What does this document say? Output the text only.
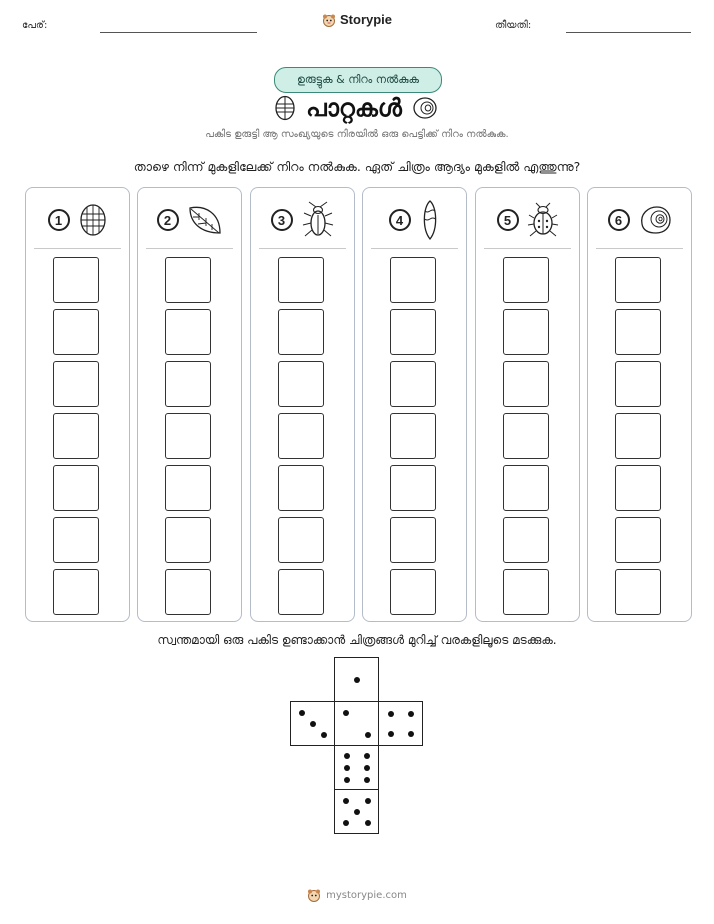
പേര്:	Storypie	തീയതി:
ഉരുട്ടുക & നിറം നൽകുക
പാറ്റകൾ
പകിട ഉരുട്ടി ആ സംഖ്യയുടെ നിരയിൽ ഒരു പെട്ടിക്ക് നിറം നൽകുക.
താഴെ നിന്ന് മുകളിലേക്ക് നിറം നൽകുക. ഏത് ചിത്രം ആദ്യം മുകളിൽ എത്തുന്നു?
1	2	3	4	5	6
സ്വന്തമായി ഒരു പകിട ഉണ്ടാക്കാൻ ചിത്രങ്ങൾ മുറിച്ച് വരകളിലൂടെ മടക്കുക.
mystorypie.com
